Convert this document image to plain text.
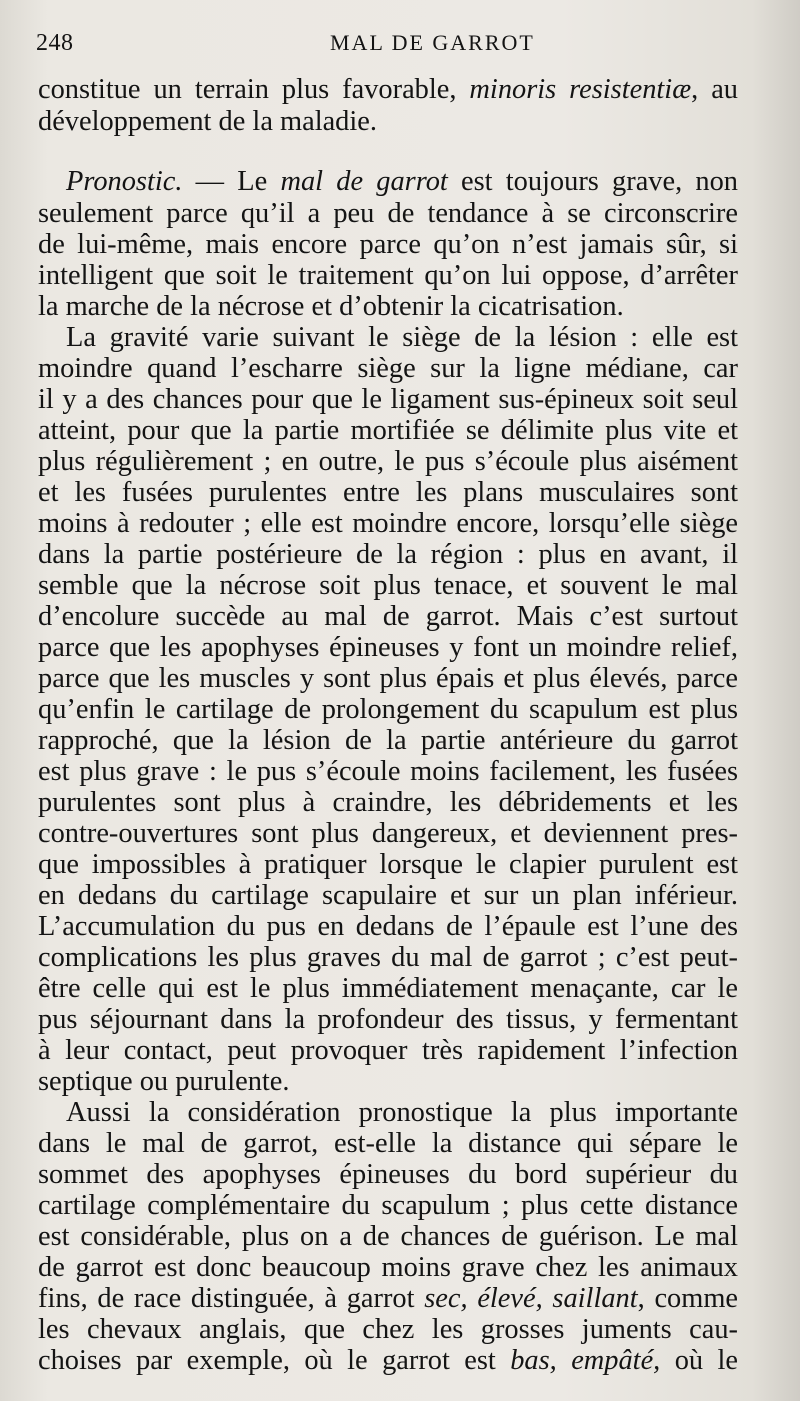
248	MAL DE GARROT
constitue un terrain plus favorable, minoris resistentiæ, au
développement de la maladie.
Pronostic. — Le mal de garrot est toujours grave, non
seulement parce qu’il a peu de tendance à se circonscrire
de lui-même, mais encore parce qu’on n’est jamais sûr, si
intelligent que soit le traitement qu’on lui oppose, d’arrêter
la marche de la nécrose et d’obtenir la cicatrisation.
La gravité varie suivant le siège de la lésion : elle est
moindre quand l’escharre siège sur la ligne médiane, car
il y a des chances pour que le ligament sus-épineux soit seul
atteint, pour que la partie mortifiée se délimite plus vite et
plus régulièrement ; en outre, le pus s’écoule plus aisément
et les fusées purulentes entre les plans musculaires sont
moins à redouter ; elle est moindre encore, lorsqu’elle siège
dans la partie postérieure de la région : plus en avant, il
semble que la nécrose soit plus tenace, et souvent le mal
d’encolure succède au mal de garrot. Mais c’est surtout
parce que les apophyses épineuses y font un moindre relief,
parce que les muscles y sont plus épais et plus élevés, parce
qu’enfin le cartilage de prolongement du scapulum est plus
rapproché, que la lésion de la partie antérieure du garrot
est plus grave : le pus s’écoule moins facilement, les fusées
purulentes sont plus à craindre, les débridements et les
contre-ouvertures sont plus dangereux, et deviennent pres-
que impossibles à pratiquer lorsque le clapier purulent est
en dedans du cartilage scapulaire et sur un plan inférieur.
L’accumulation du pus en dedans de l’épaule est l’une des
complications les plus graves du mal de garrot ; c’est peut-
être celle qui est le plus immédiatement menaçante, car le
pus séjournant dans la profondeur des tissus, y fermentant
à leur contact, peut provoquer très rapidement l’infection
septique ou purulente.
Aussi la considération pronostique la plus importante
dans le mal de garrot, est-elle la distance qui sépare le
sommet des apophyses épineuses du bord supérieur du
cartilage complémentaire du scapulum ; plus cette distance
est considérable, plus on a de chances de guérison. Le mal
de garrot est donc beaucoup moins grave chez les animaux
fins, de race distinguée, à garrot sec, élevé, saillant, comme
les chevaux anglais, que chez les grosses juments cau-
choises par exemple, où le garrot est bas, empâté, où le
